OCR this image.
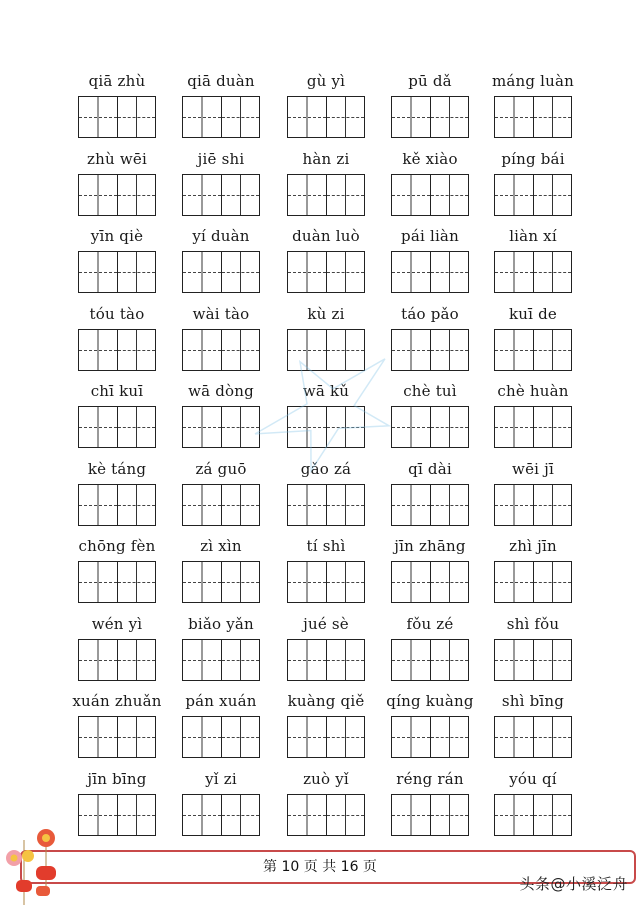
qiā zhù	qiā duàn	gù yì	pū dǎ	máng luàn
zhù wēi	jiē shi	hàn zi	kě xiào	píng bái
yīn qiè	yí duàn	duàn luò	pái liàn	liàn xí
tóu tào	wài tào	kù zi	táo pǎo	kuī de
chī kuī	wā dòng	wā kǔ	chè tuì	chè huàn
kè táng	zá guō	gǎo zá	qī dài	wēi jī
chōng fèn	zì xìn	tí shì	jīn zhāng	zhì jīn
wén yì	biǎo yǎn	jué sè	fǒu zé	shì fǒu
xuán zhuǎn	pán xuán	kuàng qiě	qíng kuàng	shì bīng
jīn bīng	yǐ zi	zuò yǐ	réng rán	yóu qí
第 10 页 共 16 页
头条@小溪泛舟
